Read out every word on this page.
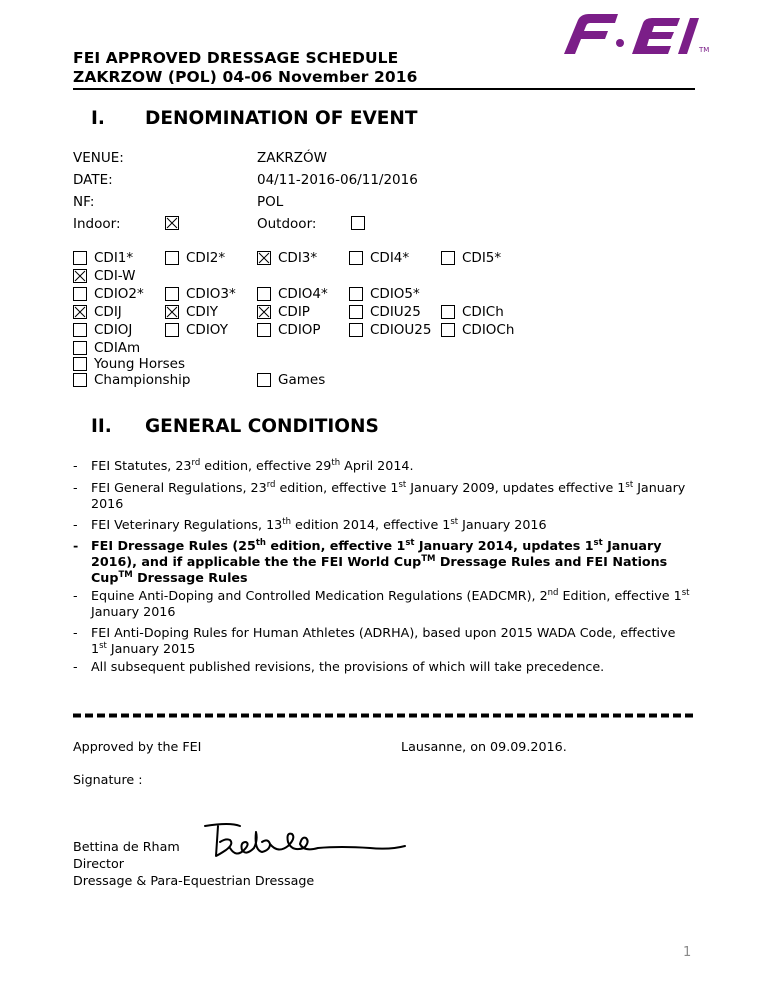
FEI APPROVED DRESSAGE SCHEDULE
ZAKRZOW (POL) 04-06 November 2016
TM
I. DENOMINATION OF EVENT
VENUE:	ZAKRZÓW
DATE:	04/11-2016-06/11/2016
NF:	POL
Indoor:	Outdoor:
CDI1*	CDI2*	CDI3*	CDI4*	CDI5*
CDI-W
CDIO2*	CDIO3*	CDIO4*	CDIO5*
CDIJ	CDIY	CDIP	CDIU25	CDICh
CDIOJ	CDIOY	CDIOP	CDIOU25 CDIOCh
CDIAm
Young Horses
Championship	Games
II. GENERAL CONDITIONS
- FEI Statutes, 23rd edition, effective 29th April 2014.
- FEI General Regulations, 23rd edition, effective 1st January 2009, updates effective 1st January 2016
- FEI Veterinary Regulations, 13th edition 2014, effective 1st January 2016
- FEI Dressage Rules (25th edition, effective 1st January 2014, updates 1st January 2016), and if applicable the the FEI World Cup™ Dressage Rules and FEI Nations Cup™ Dressage Rules
- Equine Anti-Doping and Controlled Medication Regulations (EADCMR), 2nd Edition, effective 1st January 2016
- FEI Anti-Doping Rules for Human Athletes (ADRHA), based upon 2015 WADA Code, effective 1st January 2015
- All subsequent published revisions, the provisions of which will take precedence.
Approved by the FEI	Lausanne, on 09.09.2016.
Signature :
Bettina de Rham
Director
Dressage & Para-Equestrian Dressage
1
